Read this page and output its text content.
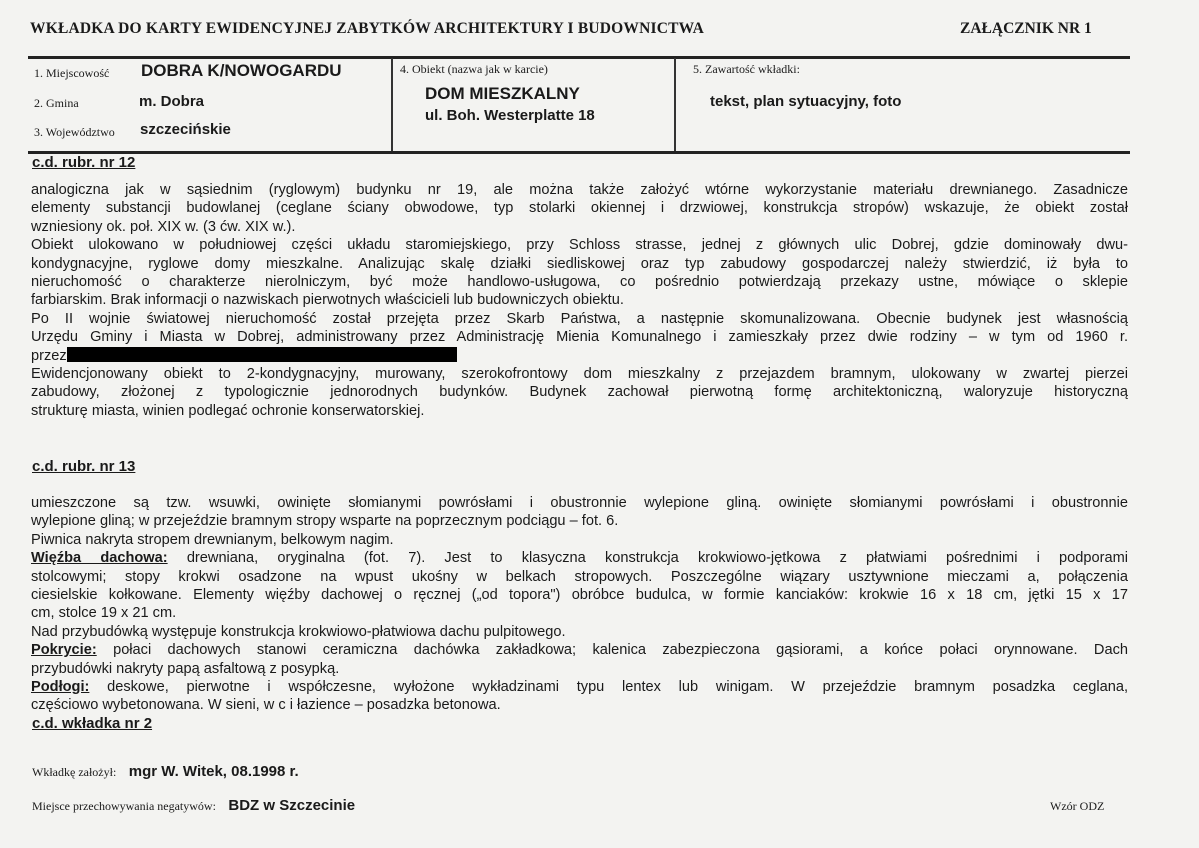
WKŁADKA DO KARTY EWIDENCYJNEJ ZABYTKÓW ARCHITEKTURY I BUDOWNICTWA	ZAŁĄCZNIK NR 1
1. Miejscowość DOBRA K/NOWOGARDU
2. Gmina	m. Dobra
3. Województwo szczecińskie
4. Obiekt (nazwa jak w karcie)
DOM MIESZKALNY
ul. Boh. Westerplatte 18
5. Zawartość wkładki:
tekst, plan sytuacyjny, foto
c.d. rubr. nr 12
analogiczna jak w sąsiednim (ryglowym) budynku nr 19, ale można także założyć wtórne wykorzystanie materiału drewnianego. Zasadnicze
elementy substancji budowlanej (ceglane ściany obwodowe, typ stolarki okiennej i drzwiowej, konstrukcja stropów) wskazuje, że obiekt został
wzniesiony ok. poł. XIX w. (3 ćw. XIX w.).
Obiekt ulokowano w południowej części układu staromiejskiego, przy Schloss strasse, jednej z głównych ulic Dobrej, gdzie dominowały dwu-
kondygnacyjne, ryglowe domy mieszkalne. Analizując skalę działki siedliskowej oraz typ zabudowy gospodarczej należy stwierdzić, iż była to
nieruchomość o charakterze nierolniczym, być może handlowo-usługowa, co pośrednio potwierdzają przekazy ustne, mówiące o sklepie
farbiarskim. Brak informacji o nazwiskach pierwotnych właścicieli lub budowniczych obiektu.
Po II wojnie światowej nieruchomość został przejęta przez Skarb Państwa, a następnie skomunalizowana. Obecnie budynek jest własnością
Urzędu Gminy i Miasta w Dobrej, administrowany przez Administrację Mienia Komunalnego i zamieszkały przez dwie rodziny – w tym od 1960 r.
przez
Ewidencjonowany obiekt to 2-kondygnacyjny, murowany, szerokofrontowy dom mieszkalny z przejazdem bramnym, ulokowany w zwartej pierzei
zabudowy, złożonej z typologicznie jednorodnych budynków. Budynek zachował pierwotną formę architektoniczną, waloryzuje historyczną
strukturę miasta, winien podlegać ochronie konserwatorskiej.
c.d. rubr. nr 13
umieszczone są tzw. wsuwki, owinięte słomianymi powrósłami i obustronnie wylepione gliną. owinięte słomianymi powrósłami i obustronnie
wylepione gliną; w przejeździe bramnym stropy wsparte na poprzecznym podciągu – fot. 6.
Piwnica nakryta stropem drewnianym, belkowym nagim.
Więźba dachowa: drewniana, oryginalna (fot. 7). Jest to klasyczna konstrukcja krokwiowo-jętkowa z płatwiami pośrednimi i podporami
stolcowymi; stopy krokwi osadzone na wpust ukośny w belkach stropowych. Poszczególne wiązary usztywnione mieczami a, połączenia
ciesielskie kołkowane. Elementy więźby dachowej o ręcznej („od topora") obróbce budulca, w formie kanciaków: krokwie 16 x 18 cm, jętki 15 x 17
cm, stolce 19 x 21 cm.
Nad przybudówką występuje konstrukcja krokwiowo-płatwiowa dachu pulpitowego.
Pokrycie: połaci dachowych stanowi ceramiczna dachówka zakładkowa; kalenica zabezpieczona gąsiorami, a końce połaci orynnowane. Dach
przybudówki nakryty papą asfaltową z posypką.
Podłogi: deskowe, pierwotne i współczesne, wyłożone wykładzinami typu lentex lub winigam. W przejeździe bramnym posadzka ceglana,
częściowo wybetonowana. W sieni, w c i łazience – posadzka betonowa.
c.d. wkładka nr 2
Wkładkę założył: mgr W. Witek, 08.1998 r.
Miejsce przechowywania negatywów: BDZ w Szczecinie	Wzór ODZ
